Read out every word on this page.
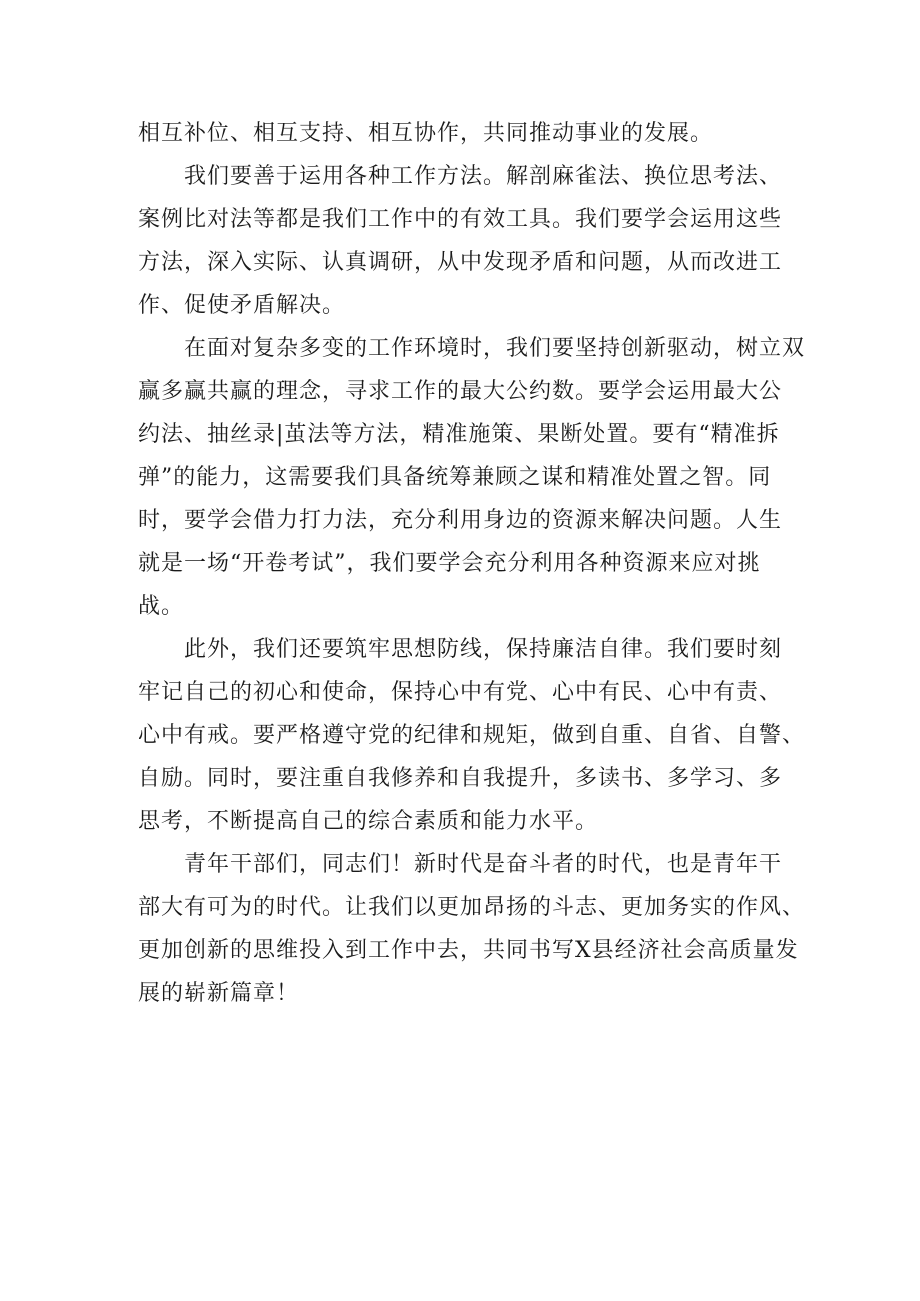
相互补位、相互支持、相互协作，共同推动事业的发展。
我们要善于运用各种工作方法。解剖麻雀法、换位思考法、
案例比对法等都是我们工作中的有效工具。我们要学会运用这些
方法，深入实际、认真调研，从中发现矛盾和问题，从而改进工
作、促使矛盾解决。
在面对复杂多变的工作环境时，我们要坚持创新驱动，树立双
赢多赢共赢的理念，寻求工作的最大公约数。要学会运用最大公
约法、抽丝录|茧法等方法，精准施策、果断处置。要有“精准拆
弹”的能力，这需要我们具备统筹兼顾之谋和精准处置之智。同
时，要学会借力打力法，充分利用身边的资源来解决问题。人生
就是一场“开卷考试”，我们要学会充分利用各种资源来应对挑
战。
此外，我们还要筑牢思想防线，保持廉洁自律。我们要时刻
牢记自己的初心和使命，保持心中有党、心中有民、心中有责、
心中有戒。要严格遵守党的纪律和规矩，做到自重、自省、自警、
自励。同时，要注重自我修养和自我提升，多读书、多学习、多
思考，不断提高自己的综合素质和能力水平。
青年干部们，同志们！新时代是奋斗者的时代，也是青年干
部大有可为的时代。让我们以更加昂扬的斗志、更加务实的作风、
更加创新的思维投入到工作中去，共同书写X县经济社会高质量发
展的崭新篇章！
